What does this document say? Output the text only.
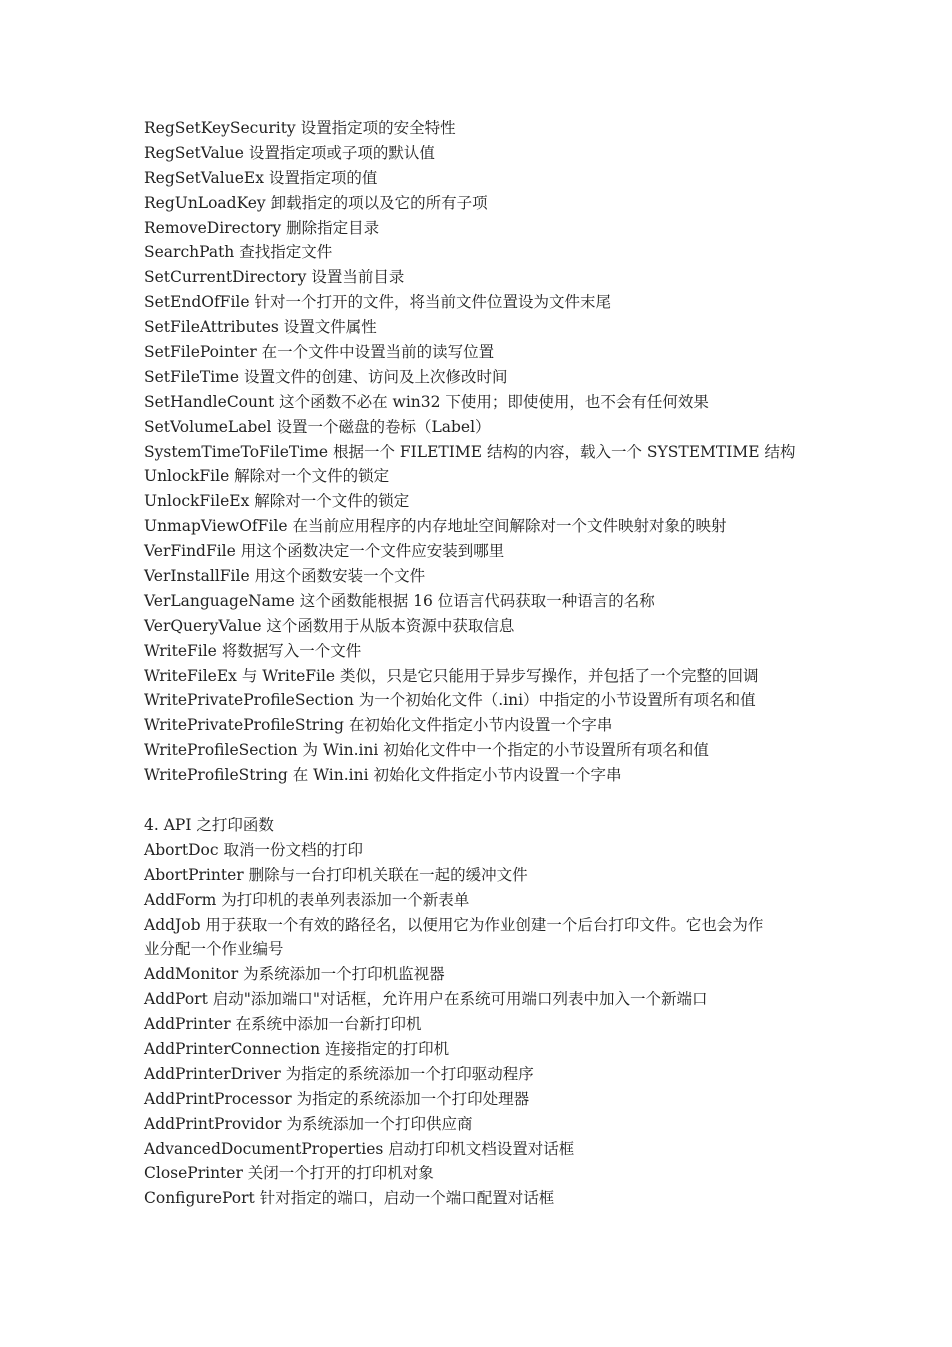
RegSetKeySecurity 设置指定项的安全特性
RegSetValue 设置指定项或子项的默认值
RegSetValueEx 设置指定项的值
RegUnLoadKey 卸载指定的项以及它的所有子项
RemoveDirectory 删除指定目录
SearchPath 查找指定文件
SetCurrentDirectory 设置当前目录
SetEndOfFile 针对一个打开的文件，将当前文件位置设为文件末尾
SetFileAttributes 设置文件属性
SetFilePointer 在一个文件中设置当前的读写位置
SetFileTime 设置文件的创建、访问及上次修改时间
SetHandleCount 这个函数不必在 win32 下使用；即使使用，也不会有任何效果
SetVolumeLabel 设置一个磁盘的卷标（Label）
SystemTimeToFileTime 根据一个 FILETIME 结构的内容，载入一个 SYSTEMTIME 结构
UnlockFile 解除对一个文件的锁定
UnlockFileEx 解除对一个文件的锁定
UnmapViewOfFile 在当前应用程序的内存地址空间解除对一个文件映射对象的映射
VerFindFile 用这个函数决定一个文件应安装到哪里
VerInstallFile 用这个函数安装一个文件
VerLanguageName 这个函数能根据 16 位语言代码获取一种语言的名称
VerQueryValue 这个函数用于从版本资源中获取信息
WriteFile 将数据写入一个文件
WriteFileEx 与 WriteFile 类似，只是它只能用于异步写操作，并包括了一个完整的回调
WritePrivateProfileSection 为一个初始化文件（.ini）中指定的小节设置所有项名和值
WritePrivateProfileString 在初始化文件指定小节内设置一个字串
WriteProfileSection 为 Win.ini 初始化文件中一个指定的小节设置所有项名和值
WriteProfileString 在 Win.ini 初始化文件指定小节内设置一个字串
4. API 之打印函数
AbortDoc 取消一份文档的打印
AbortPrinter 删除与一台打印机关联在一起的缓冲文件
AddForm 为打印机的表单列表添加一个新表单
AddJob 用于获取一个有效的路径名，以便用它为作业创建一个后台打印文件。它也会为作
业分配一个作业编号
AddMonitor 为系统添加一个打印机监视器
AddPort 启动"添加端口"对话框，允许用户在系统可用端口列表中加入一个新端口
AddPrinter 在系统中添加一台新打印机
AddPrinterConnection 连接指定的打印机
AddPrinterDriver 为指定的系统添加一个打印驱动程序
AddPrintProcessor 为指定的系统添加一个打印处理器
AddPrintProvidor 为系统添加一个打印供应商
AdvancedDocumentProperties 启动打印机文档设置对话框
ClosePrinter 关闭一个打开的打印机对象
ConfigurePort 针对指定的端口，启动一个端口配置对话框
